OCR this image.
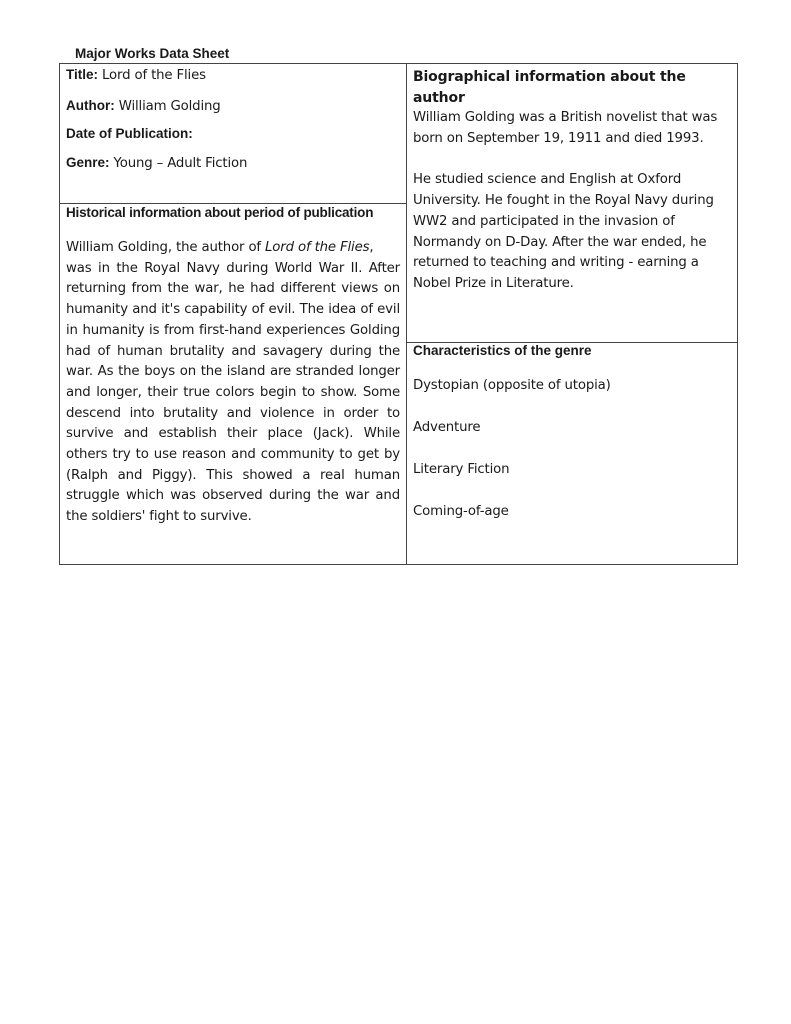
Major Works Data Sheet
Title: Lord of the Flies
Author: William Golding
Date of Publication:
Genre: Young – Adult Fiction
Historical information about period of publication
William Golding, the author of Lord of the Flies,

was in the Royal Navy during World War II. After returning from the war, he had different views on humanity and it's capability of evil. The idea of evil in humanity is from first-hand experiences Golding had of human brutality and savagery during the war. As the boys on the island are stranded longer and longer, their true colors begin to show. Some descend into brutality and violence in order to survive and establish their place (Jack). While others try to use reason and community to get by (Ralph and Piggy). This showed a real human struggle which was observed during the war and the soldiers' fight to survive.

Biographical information about the author

William Golding was a British novelist that was born on September 19, 1911 and died 1993.

He studied science and English at Oxford University. He fought in the Royal Navy during WW2 and participated in the invasion of Normandy on D-Day. After the war ended, he returned to teaching and writing - earning a Nobel Prize in Literature.

Characteristics of the genre
Dystopian (opposite of utopia)
Adventure
Literary Fiction
Coming-of-age
